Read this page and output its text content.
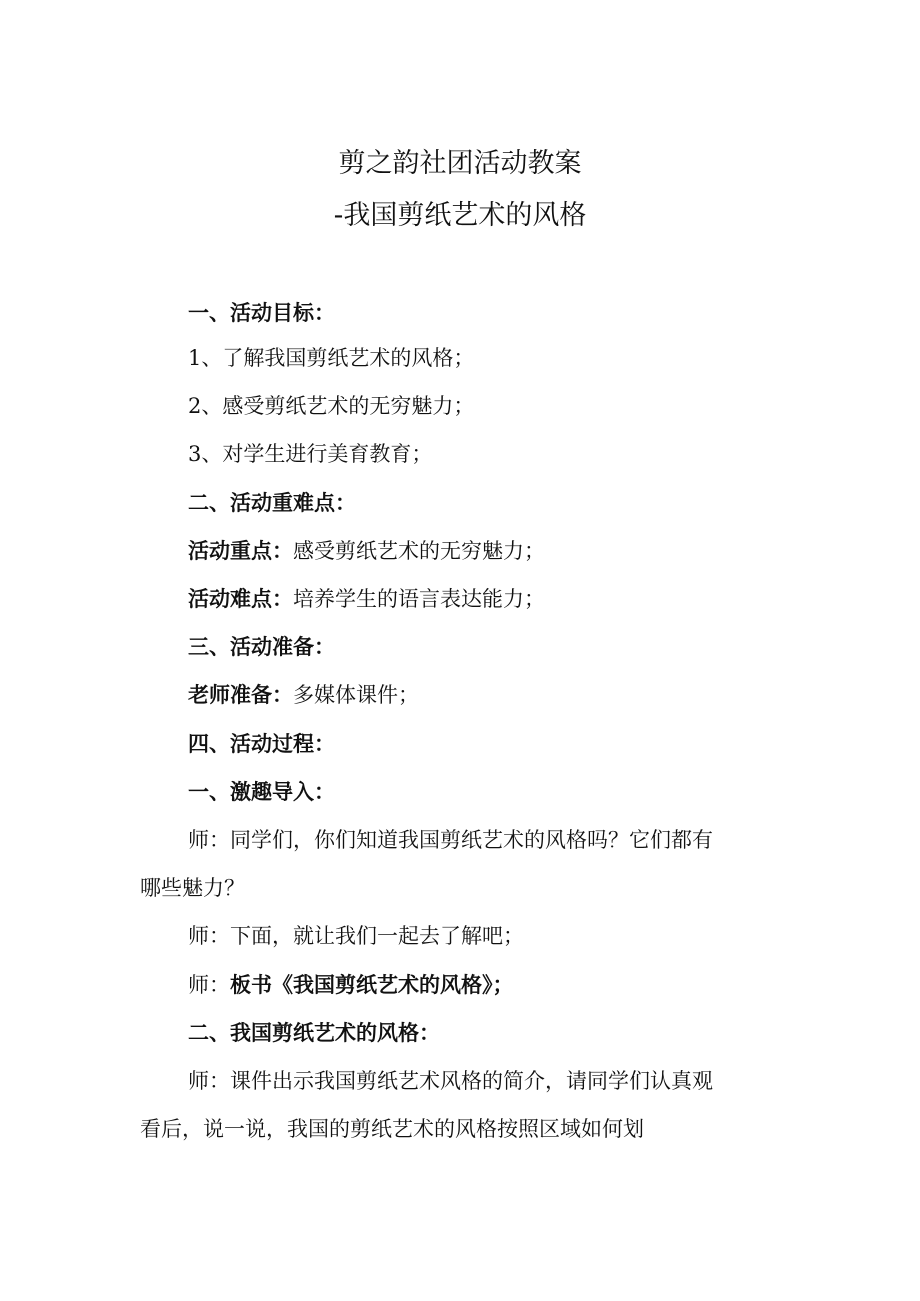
剪之韵社团活动教案
-我国剪纸艺术的风格
一、活动目标：
1、了解我国剪纸艺术的风格；
2、感受剪纸艺术的无穷魅力；
3、对学生进行美育教育；
二、活动重难点：
活动重点：感受剪纸艺术的无穷魅力；
活动难点：培养学生的语言表达能力；
三、活动准备：
老师准备：多媒体课件；
四、活动过程：
一、激趣导入：
师：同学们，你们知道我国剪纸艺术的风格吗？它们都有
哪些魅力？
师：下面，就让我们一起去了解吧；
师：板书《我国剪纸艺术的风格》；
二、我国剪纸艺术的风格：
师：课件出示我国剪纸艺术风格的简介，请同学们认真观
看后，说一说，我国的剪纸艺术的风格按照区域如何划
